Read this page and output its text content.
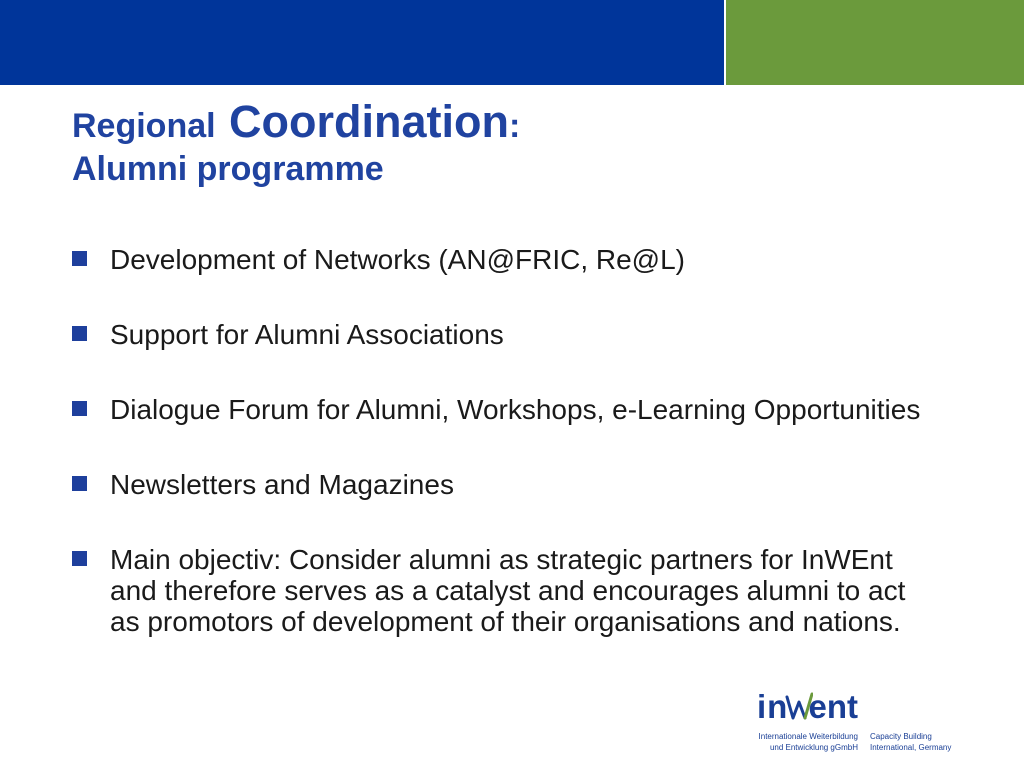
Regional Coordination:
Alumni programme
Development of Networks (AN@FRIC, Re@L)
Support for Alumni Associations
Dialogue Forum for Alumni, Workshops, e-Learning Opportunities
Newsletters and Magazines
Main objectiv: Consider alumni as strategic partners for InWEnt
and therefore serves as a catalyst and encourages alumni to act
as promotors of development of their organisations and nations.
in ent
Internationale Weiterbildung
und Entwicklung gGmbH
Capacity Building
International, Germany
